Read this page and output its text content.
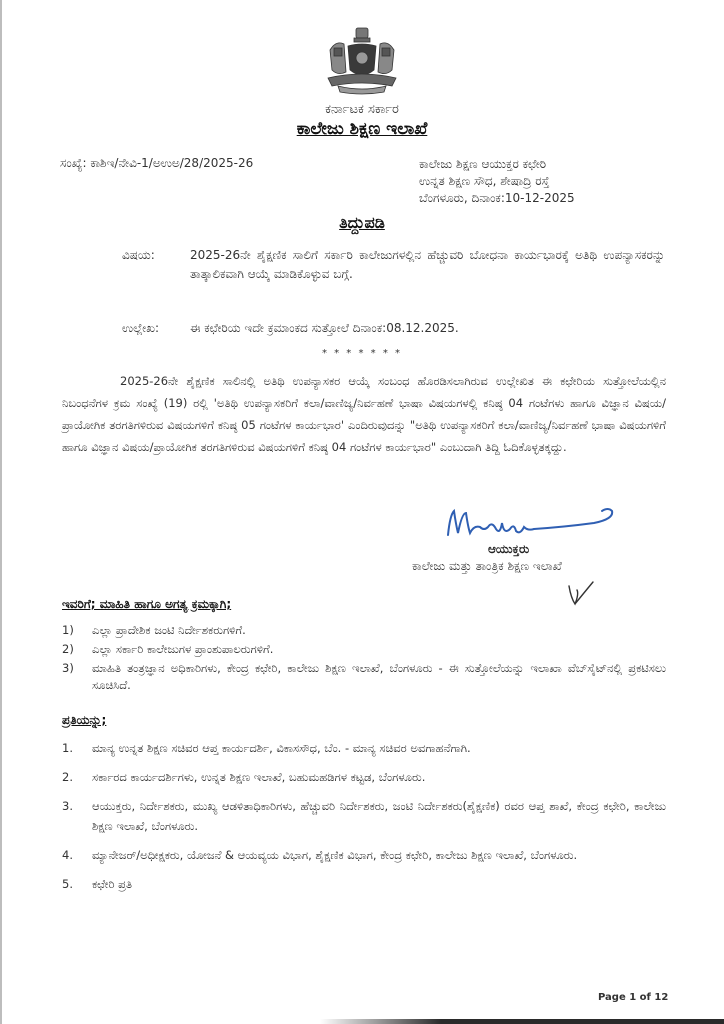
ಕರ್ನಾಟಕ ಸರ್ಕಾರ
ಕಾಲೇಜು ಶಿಕ್ಷಣ ಇಲಾಖೆ
ಸಂಖ್ಯೆ: ಕಾಶಿಇ/ನೇವಿ-1/ಅಉಅ/28/2025-26	ಕಾಲೇಜು ಶಿಕ್ಷಣ ಆಯುಕ್ತರ ಕಛೇರಿ
ಉನ್ನತ ಶಿಕ್ಷಣ ಸೌಧ, ಶೇಷಾದ್ರಿ ರಸ್ತೆ
ಬೆಂಗಳೂರು, ದಿನಾಂಕ:10-12-2025
ತಿದ್ದುಪಡಿ
ವಿಷಯ:	2025-26ನೇ ಶೈಕ್ಷಣಿಕ ಸಾಲಿಗೆ ಸರ್ಕಾರಿ ಕಾಲೇಜುಗಳಲ್ಲಿನ ಹೆಚ್ಚುವರಿ ಬೋಧನಾ ಕಾರ್ಯಭಾರಕ್ಕೆ ಅತಿಥಿ ಉಪನ್ಯಾಸಕರನ್ನು ತಾತ್ಕಾಲಿಕವಾಗಿ ಆಯ್ಕೆ ಮಾಡಿಕೊಳ್ಳುವ ಬಗ್ಗೆ.
ಉಲ್ಲೇಖ:	ಈ ಕಛೇರಿಯ ಇದೇ ಕ್ರಮಾಂಕದ ಸುತ್ತೋಲೆ ದಿನಾಂಕ:08.12.2025.
* * * * * * *
2025-26ನೇ ಶೈಕ್ಷಣಿಕ ಸಾಲಿನಲ್ಲಿ ಅತಿಥಿ ಉಪನ್ಯಾಸಕರ ಆಯ್ಕೆ ಸಂಬಂಧ ಹೊರಡಿಸಲಾಗಿರುವ ಉಲ್ಲೇಖಿತ ಈ ಕಛೇರಿಯ ಸುತ್ತೋಲೆಯಲ್ಲಿನ ನಿಬಂಧನೆಗಳ ಕ್ರಮ ಸಂಖ್ಯೆ (19) ರಲ್ಲಿ 'ಅತಿಥಿ ಉಪನ್ಯಾಸಕರಿಗೆ ಕಲಾ/ವಾಣಿಜ್ಯ/ನಿರ್ವಹಣೆ ಭಾಷಾ ವಿಷಯಗಳಲ್ಲಿ ಕನಿಷ್ಠ 04 ಗಂಟೆಗಳು ಹಾಗೂ ವಿಜ್ಞಾನ ವಿಷಯ/ಪ್ರಾಯೋಗಿಕ ತರಗತಿಗಳಿರುವ ವಿಷಯಗಳಿಗೆ ಕನಿಷ್ಠ 05 ಗಂಟೆಗಳ ಕಾರ್ಯಭಾರ' ಎಂದಿರುವುದನ್ನು "ಅತಿಥಿ ಉಪನ್ಯಾಸಕರಿಗೆ ಕಲಾ/ವಾಣಿಜ್ಯ/ನಿರ್ವಹಣೆ ಭಾಷಾ ವಿಷಯಗಳಿಗೆ ಹಾಗೂ ವಿಜ್ಞಾನ ವಿಷಯ/ಪ್ರಾಯೋಗಿಕ ತರಗತಿಗಳಿರುವ ವಿಷಯಗಳಿಗೆ ಕನಿಷ್ಠ 04 ಗಂಟೆಗಳ ಕಾರ್ಯಭಾರ" ಎಂಬುದಾಗಿ ತಿದ್ದಿ ಓದಿಕೊಳ್ಳತಕ್ಕದ್ದು.
ಆಯುಕ್ತರು
ಕಾಲೇಜು ಮತ್ತು ತಾಂತ್ರಿಕ ಶಿಕ್ಷಣ ಇಲಾಖೆ
ಇವರಿಗೆ; ಮಾಹಿತಿ ಹಾಗೂ ಅಗತ್ಯ ಕ್ರಮಕ್ಕಾಗಿ;
1) ಎಲ್ಲಾ ಪ್ರಾದೇಶಿಕ ಜಂಟಿ ನಿರ್ದೇಶಕರುಗಳಿಗೆ.
2) ಎಲ್ಲಾ ಸರ್ಕಾರಿ ಕಾಲೇಜುಗಳ ಪ್ರಾಂಶುಪಾಲರುಗಳಿಗೆ.
3) ಮಾಹಿತಿ ತಂತ್ರಜ್ಞಾನ ಅಧಿಕಾರಿಗಳು, ಕೇಂದ್ರ ಕಛೇರಿ, ಕಾಲೇಜು ಶಿಕ್ಷಣ ಇಲಾಖೆ, ಬೆಂಗಳೂರು - ಈ ಸುತ್ತೋಲೆಯನ್ನು ಇಲಾಖಾ ವೆಬ್‌ಸೈಟ್‌ನಲ್ಲಿ ಪ್ರಕಟಿಸಲು ಸೂಚಿಸಿದೆ.
ಪ್ರತಿಯನ್ನು;
1. ಮಾನ್ಯ ಉನ್ನತ ಶಿಕ್ಷಣ ಸಚಿವರ ಆಪ್ತ ಕಾರ್ಯದರ್ಶಿ, ವಿಕಾಸಸೌಧ, ಬೆಂ. - ಮಾನ್ಯ ಸಚಿವರ ಅವಗಾಹನೆಗಾಗಿ.
2. ಸರ್ಕಾರದ ಕಾರ್ಯದರ್ಶಿಗಳು, ಉನ್ನತ ಶಿಕ್ಷಣ ಇಲಾಖೆ, ಬಹುಮಹಡಿಗಳ ಕಟ್ಟಡ, ಬೆಂಗಳೂರು.
3. ಆಯುಕ್ತರು, ನಿರ್ದೇಶಕರು, ಮುಖ್ಯ ಆಡಳಿತಾಧಿಕಾರಿಗಳು, ಹೆಚ್ಚುವರಿ ನಿರ್ದೇಶಕರು, ಜಂಟಿ ನಿರ್ದೇಶಕರು(ಶೈಕ್ಷಣಿಕ) ರವರ ಆಪ್ತ ಶಾಖೆ, ಕೇಂದ್ರ ಕಛೇರಿ, ಕಾಲೇಜು ಶಿಕ್ಷಣ ಇಲಾಖೆ, ಬೆಂಗಳೂರು.
4. ಮ್ಯಾನೇಜರ್/ಅಧೀಕ್ಷಕರು, ಯೋಜನೆ & ಆಯವ್ಯಯ ವಿಭಾಗ, ಶೈಕ್ಷಣಿಕ ವಿಭಾಗ, ಕೇಂದ್ರ ಕಛೇರಿ, ಕಾಲೇಜು ಶಿಕ್ಷಣ ಇಲಾಖೆ, ಬೆಂಗಳೂರು.
5. ಕಛೇರಿ ಪ್ರತಿ
Page 1 of 12
